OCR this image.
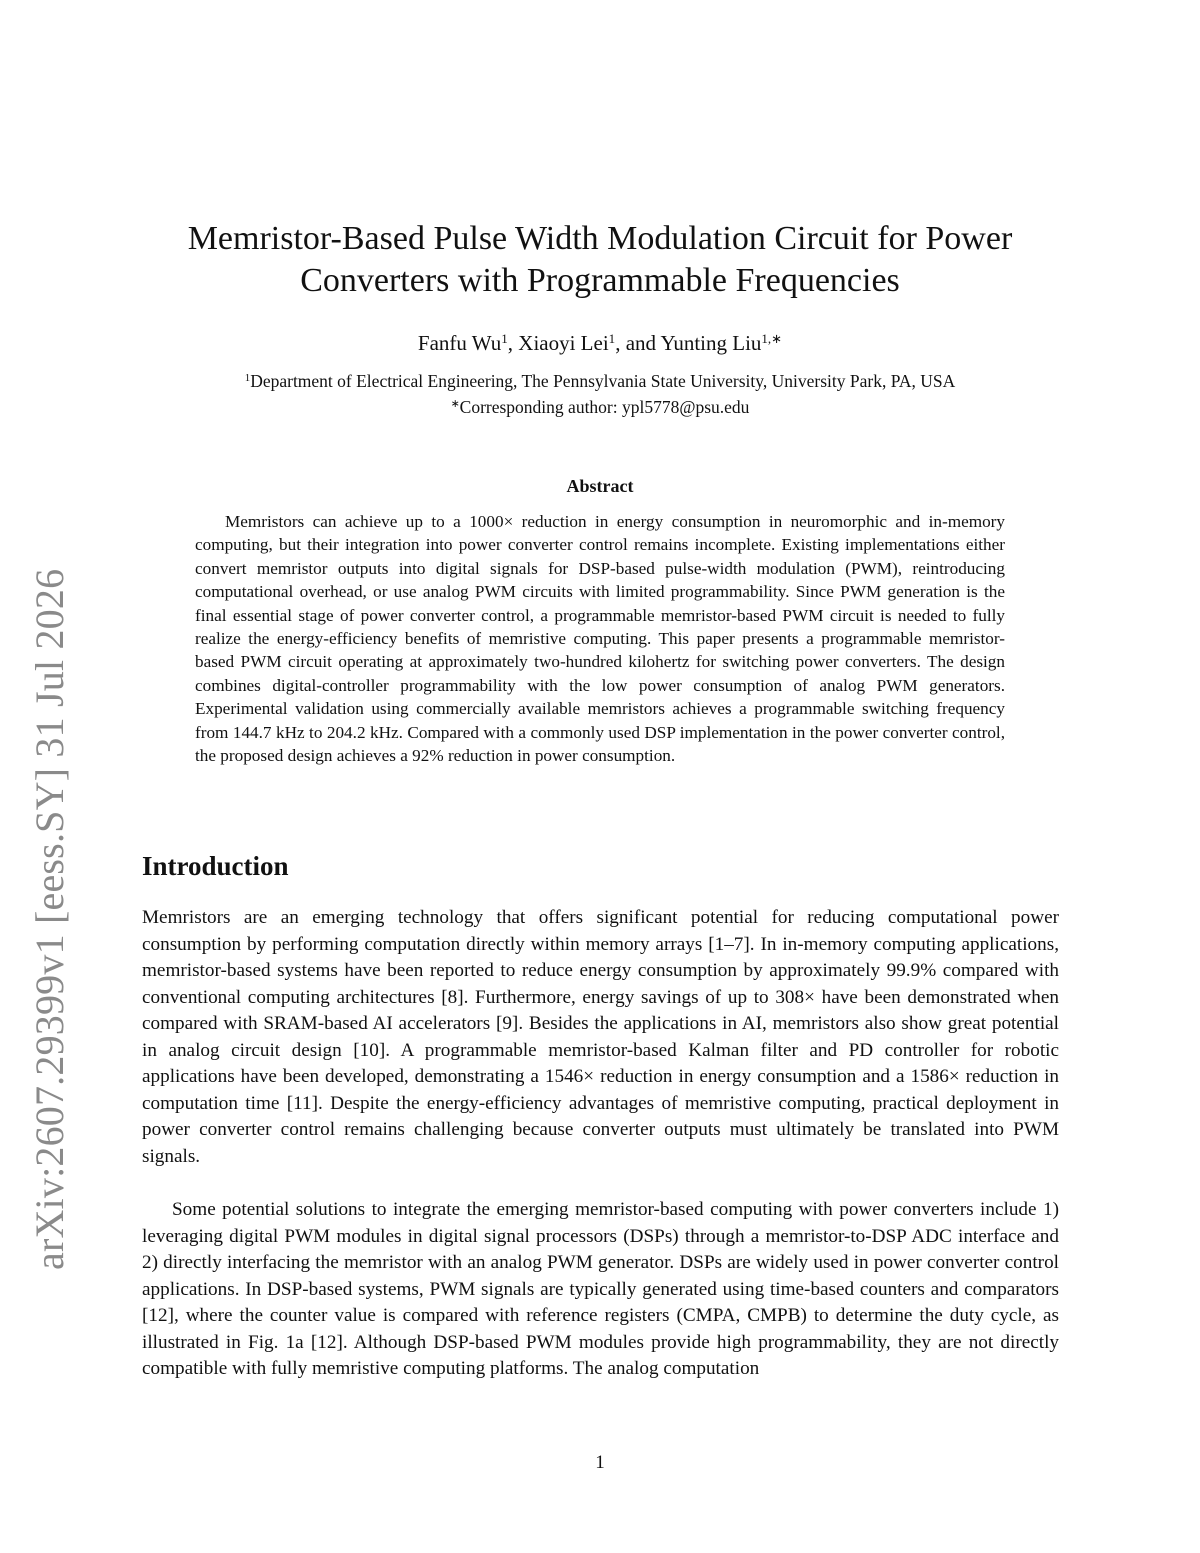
arXiv:2607.29399v1 [eess.SY] 31 Jul 2026
Memristor-Based Pulse Width Modulation Circuit for Power
Converters with Programmable Frequencies
Fanfu Wu$^1$, Xiaoyi Lei$^1$, and Yunting Liu$^{1,∗}$
$^1$Department of Electrical Engineering, The Pennsylvania State University, University Park, PA, USA
∗Corresponding author: ypl5778@psu.edu
Abstract

Memristors can achieve up to a 1000× reduction in energy consumption in neuromorphic and in-memory computing, but their integration into power converter control remains incomplete. Existing implementations either convert memristor outputs into digital signals for DSP-based pulse-width modulation (PWM), reintroducing computational overhead, or use analog PWM circuits with limited programmability. Since PWM generation is the final essential stage of power converter control, a programmable memristor-based PWM circuit is needed to fully realize the energy-efficiency benefits of memristive computing. This paper presents a programmable memristor-based PWM circuit operating at approximately two-hundred kilohertz for switching power converters. The design combines digital-controller programmability with the low power consumption of analog PWM generators. Experimental validation using commercially available memristors achieves a programmable switching frequency from 144.7 kHz to 204.2 kHz. Compared with a commonly used DSP implementation in the power converter control, the proposed design achieves a 92% reduction in power consumption.

Introduction

Memristors are an emerging technology that offers significant potential for reducing computational power consumption by performing computation directly within memory arrays [1–7]. In in-memory computing applications, memristor-based systems have been reported to reduce energy consumption by approximately 99.9% compared with conventional computing architectures [8]. Furthermore, energy savings of up to 308× have been demonstrated when compared with SRAM-based AI accelerators [9]. Besides the applications in AI, memristors also show great potential in analog circuit design [10]. A programmable memristor-based Kalman filter and PD controller for robotic applications have been developed, demonstrating a 1546× reduction in energy consumption and a 1586× reduction in computation time [11]. Despite the energy-efficiency advantages of memristive computing, practical deployment in power converter control remains challenging because converter outputs must ultimately be translated into PWM signals.

Some potential solutions to integrate the emerging memristor-based computing with power converters include 1) leveraging digital PWM modules in digital signal processors (DSPs) through a memristor-to-DSP ADC interface and 2) directly interfacing the memristor with an analog PWM generator. DSPs are widely used in power converter control applications. In DSP-based systems, PWM signals are typically generated using time-based counters and comparators [12], where the counter value is compared with reference registers (CMPA, CMPB) to determine the duty cycle, as illustrated in Fig. 1a [12]. Although DSP-based PWM modules provide high programmability, they are not directly compatible with fully memristive computing platforms. The analog computation

1
